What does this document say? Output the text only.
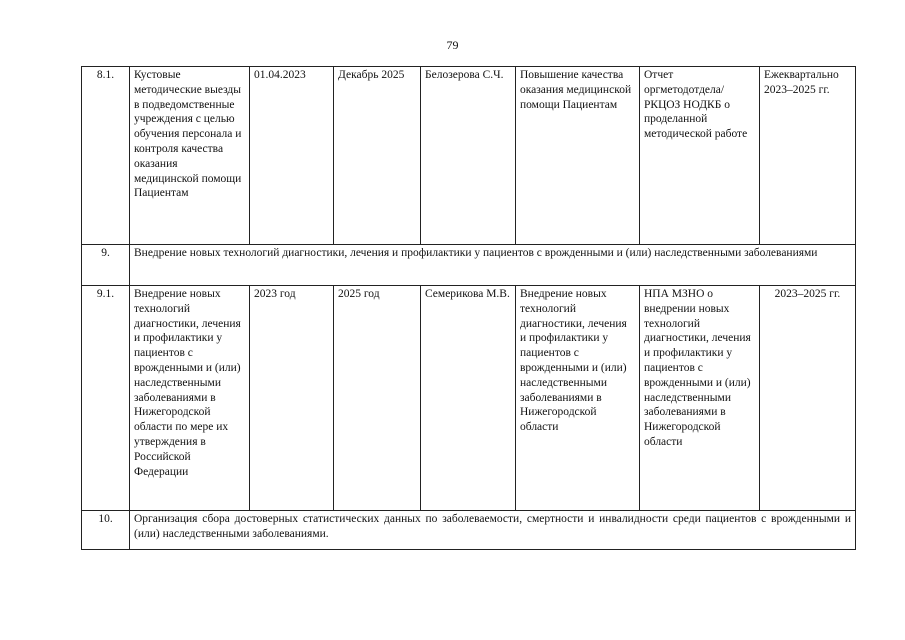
79
8.1.	Кустовые методические выезды в подведомственные учреждения с целью обучения персонала и контроля качества оказания медицинской помощи Пациентам	01.04.2023	Декабрь 2025	Белозерова С.Ч.	Повышение качества оказания медицинской помощи Пациентам	Отчет оргметодотдела/РКЦОЗ НОДКБ о проделанной методической работе	Ежеквартально 2023–2025 гг.
9.	Внедрение новых технологий диагностики, лечения и профилактики у пациентов с врожденными и (или) наследственными заболеваниями						
9.1.	Внедрение новых технологий диагностики, лечения и профилактики у пациентов с врожденными и (или) наследственными заболеваниями в Нижегородской области по мере их утверждения в Российской Федерации	2023 год	2025 год	Семерикова М.В.	Внедрение новых технологий диагностики, лечения и профилактики у пациентов с врожденными и (или) наследственными заболеваниями в Нижегородской области	НПА МЗНО о внедрении новых технологий диагностики, лечения и профилактики у пациентов с врожденными и (или) наследственными заболеваниями в Нижегородской области	2023–2025 гг.
10.	Организация сбора достоверных статистических данных по заболеваемости, смертности и инвалидности среди пациентов с врожденными и (или) наследственными заболеваниями.						
